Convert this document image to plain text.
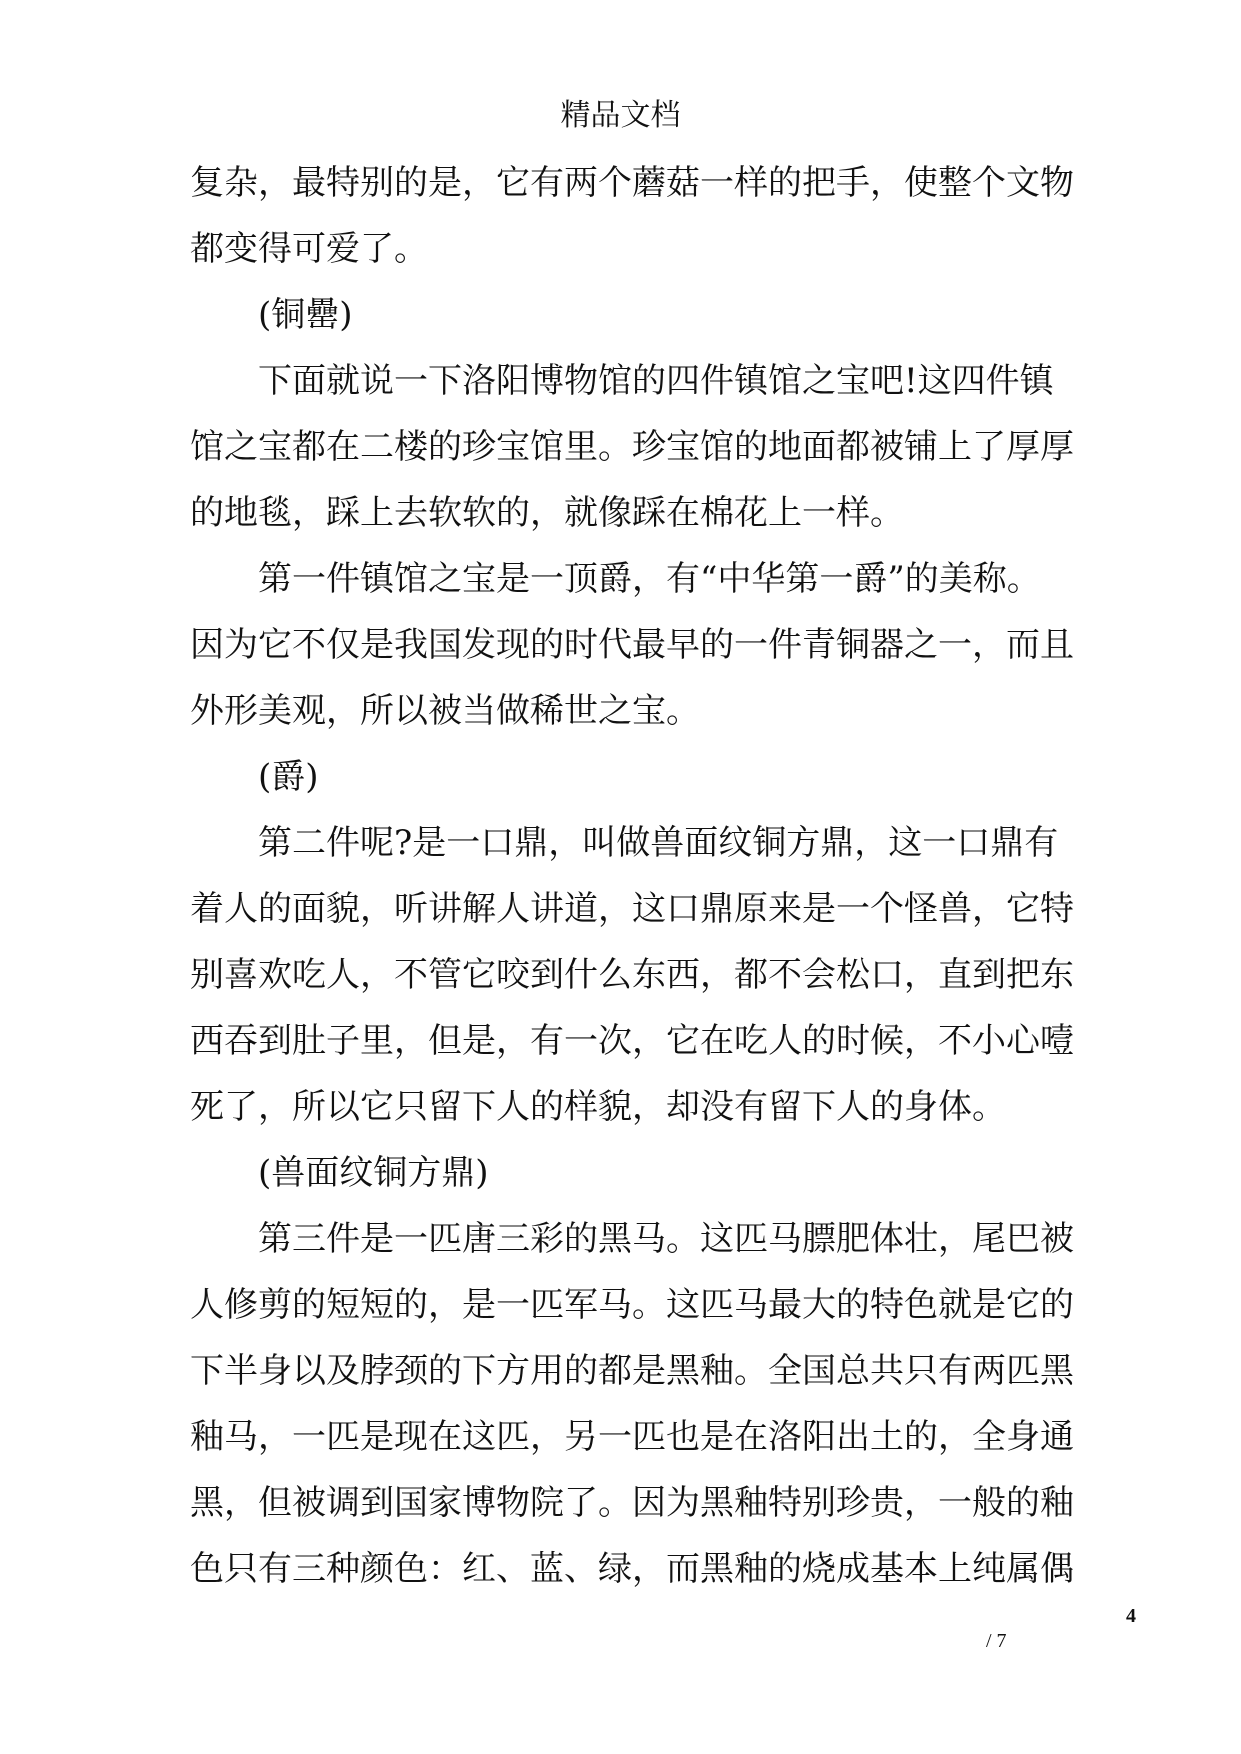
精品文档
复杂，最特别的是，它有两个蘑菇一样的把手，使整个文物
都变得可爱了。
(铜罍)
下面就说一下洛阳博物馆的四件镇馆之宝吧!这四件镇
馆之宝都在二楼的珍宝馆里。珍宝馆的地面都被铺上了厚厚
的地毯，踩上去软软的，就像踩在棉花上一样。
第一件镇馆之宝是一顶爵，有“中华第一爵”的美称。
因为它不仅是我国发现的时代最早的一件青铜器之一，而且
外形美观，所以被当做稀世之宝。
(爵)
第二件呢?是一口鼎，叫做兽面纹铜方鼎，这一口鼎有
着人的面貌，听讲解人讲道，这口鼎原来是一个怪兽，它特
别喜欢吃人，不管它咬到什么东西，都不会松口，直到把东
西吞到肚子里，但是，有一次，它在吃人的时候，不小心噎
死了，所以它只留下人的样貌，却没有留下人的身体。
(兽面纹铜方鼎)
第三件是一匹唐三彩的黑马。这匹马膘肥体壮，尾巴被
人修剪的短短的，是一匹军马。这匹马最大的特色就是它的
下半身以及脖颈的下方用的都是黑釉。全国总共只有两匹黑
釉马，一匹是现在这匹，另一匹也是在洛阳出土的，全身通
黑，但被调到国家博物院了。因为黑釉特别珍贵，一般的釉
色只有三种颜色：红、蓝、绿，而黑釉的烧成基本上纯属偶
4
/ 7
